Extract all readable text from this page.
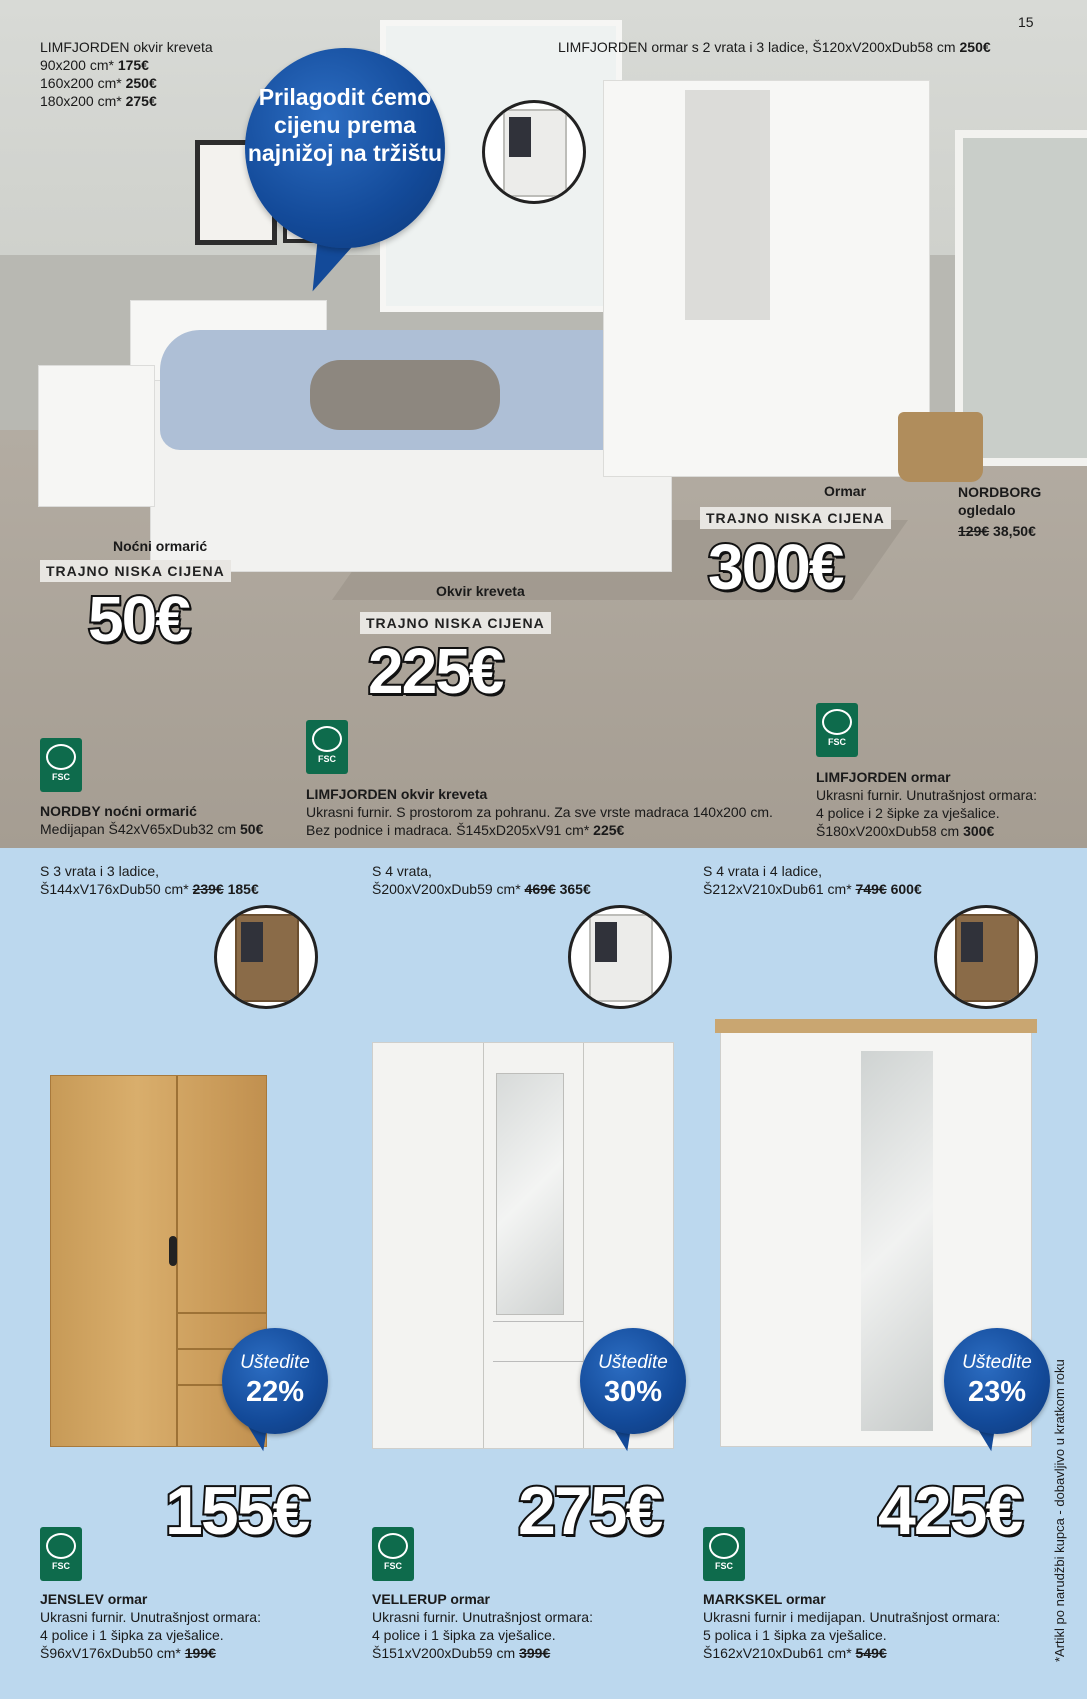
15
LIMFJORDEN okvir kreveta
90x200 cm* 175€
160x200 cm* 250€
180x200 cm* 275€
LIMFJORDEN ormar s 2 vrata i 3 ladice, Š120xV200xDub58 cm 250€
Prilagodit ćemo cijenu prema najnižoj na tržištu
Noćni ormarić
TRAJNO NISKA CIJENA
50€	Okvir kreveta
TRAJNO NISKA CIJENA
225€
Ormar
TRAJNO NISKA CIJENA
300€
NORDBORG
ogledalo
129€ 38,50€
FSC
FSC
FSC
NORDBY noćni ormarić
Medijapan Š42xV65xDub32 cm 50€
LIMFJORDEN okvir kreveta
Ukrasni furnir. S prostorom za pohranu. Za sve vrste madraca 140x200 cm.
Bez podnice i madraca. Š145xD205xV91 cm* 225€
LIMFJORDEN ormar
Ukrasni furnir. Unutrašnjost ormara:
4 police i 2 šipke za vješalice.
Š180xV200xDub58 cm 300€
S 3 vrata i 3 ladice,
Š144xV176xDub50 cm* 239€ 185€
S 4 vrata,
Š200xV200xDub59 cm* 469€ 365€
S 4 vrata i 4 ladice,
Š212xV210xDub61 cm* 749€ 600€
Uštedite
22%
Uštedite
30%
Uštedite
23%
155€	275€	425€
FSC	FSC	FSC
JENSLEV ormar
Ukrasni furnir. Unutrašnjost ormara:
4 police i 1 šipka za vješalice.
Š96xV176xDub50 cm* 199€
VELLERUP ormar
Ukrasni furnir. Unutrašnjost ormara:
4 police i 1 šipka za vješalice.
Š151xV200xDub59 cm 399€
MARKSKEL ormar
Ukrasni furnir i medijapan. Unutrašnjost ormara:
5 polica i 1 šipka za vješalice.
Š162xV210xDub61 cm* 549€	*Artikl po narudžbi kupca - dobavljivo u kratkom roku
